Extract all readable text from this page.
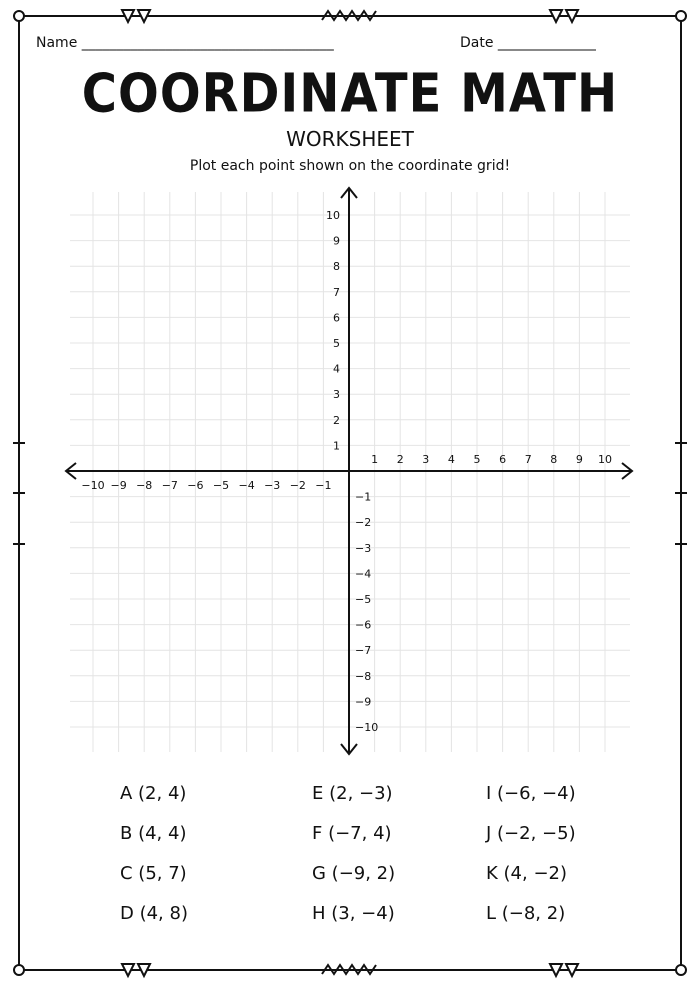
Name ____________________________________	Date ______________
COORDINATE MATH
WORKSHEET
Plot each point shown on the coordinate grid!
−10 −9 −8 −7 −6 −5 −4 −3 −2 −1
1 2 3 4 5 6 7 8 9 10
10
9
8
7
6
5
4
3
2
1
−1
−2
−3
−4
−5
−6
−7
−8
−9
−10
A (2, 4)
B (4, 4)
C (5, 7)
D (4, 8)
E (2, −3)
F (−7, 4)
G (−9, 2)
H (3, −4)
I (−6, −4)
J (−2, −5)
K (4, −2)
L (−8, 2)
